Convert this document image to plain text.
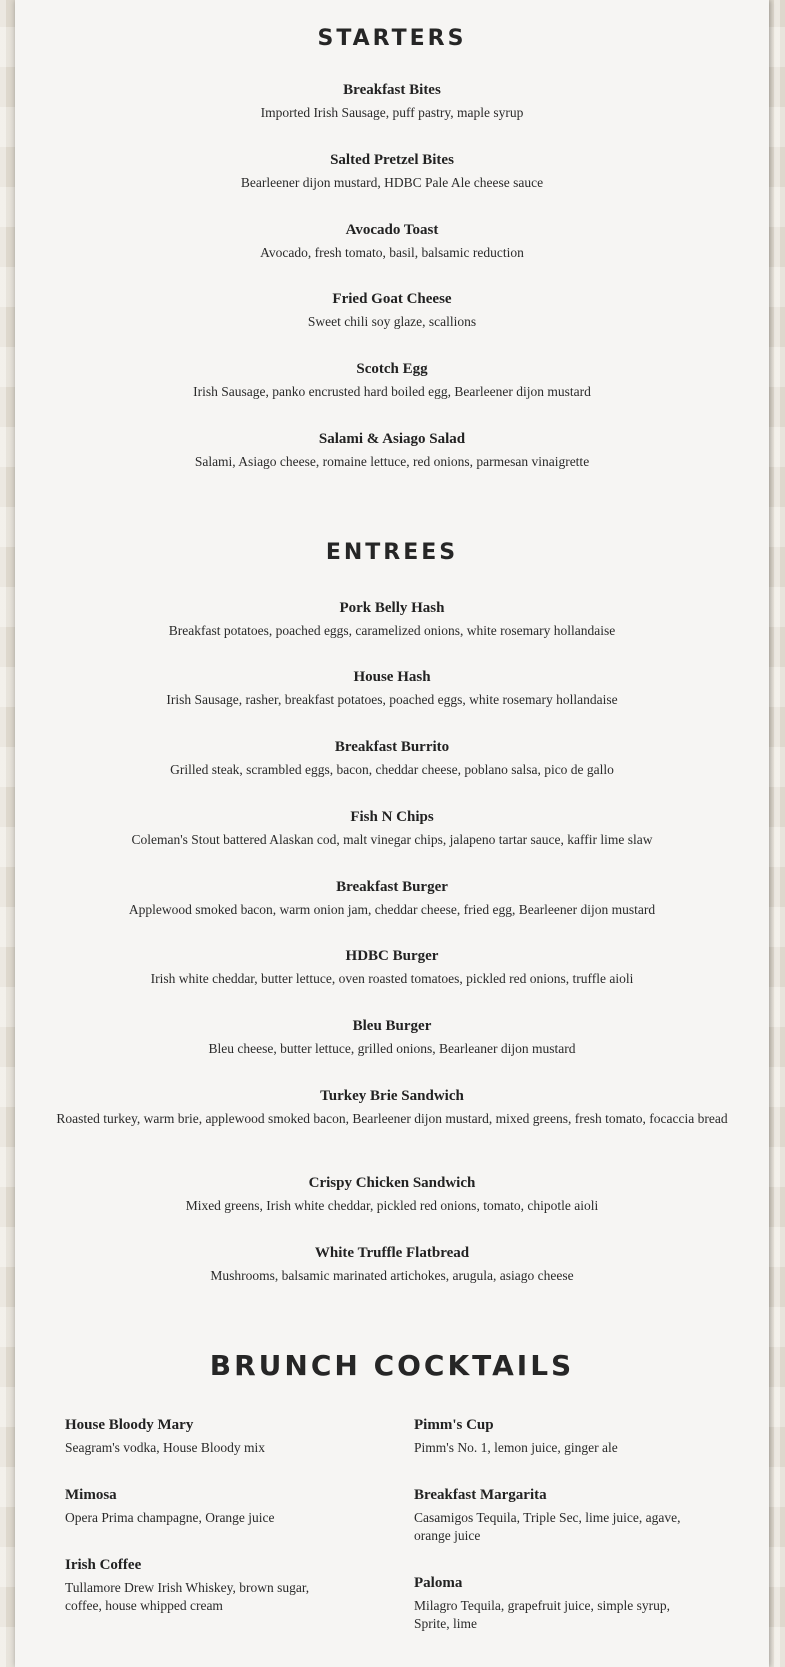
STARTERS

Breakfast Bites

Imported Irish Sausage, puff pastry, maple syrup

Salted Pretzel Bites

Bearleener dijon mustard, HDBC Pale Ale cheese sauce

Avocado Toast

Avocado, fresh tomato, basil, balsamic reduction

Fried Goat Cheese

Sweet chili soy glaze, scallions

Scotch Egg

Irish Sausage, panko encrusted hard boiled egg, Bearleener dijon mustard

Salami & Asiago Salad

Salami, Asiago cheese, romaine lettuce, red onions, parmesan vinaigrette

ENTREES

Pork Belly Hash

Breakfast potatoes, poached eggs, caramelized onions, white rosemary hollandaise

House Hash

Irish Sausage, rasher, breakfast potatoes, poached eggs, white rosemary hollandaise

Breakfast Burrito

Grilled steak, scrambled eggs, bacon, cheddar cheese, poblano salsa, pico de gallo

Fish N Chips

Coleman's Stout battered Alaskan cod, malt vinegar chips, jalapeno tartar sauce, kaffir lime slaw

Breakfast Burger

Applewood smoked bacon, warm onion jam, cheddar cheese, fried egg, Bearleener dijon mustard

HDBC Burger

Irish white cheddar, butter lettuce, oven roasted tomatoes, pickled red onions, truffle aioli

Bleu Burger

Bleu cheese, butter lettuce, grilled onions, Bearleaner dijon mustard

Turkey Brie Sandwich

Roasted turkey, warm brie, applewood smoked bacon, Bearleener dijon mustard, mixed greens, fresh tomato, focaccia bread

Crispy Chicken Sandwich

Mixed greens, Irish white cheddar, pickled red onions, tomato, chipotle aioli

White Truffle Flatbread

Mushrooms, balsamic marinated artichokes, arugula, asiago cheese

BRUNCH COCKTAILS

House Bloody Mary

Seagram's vodka, House Bloody mix

Mimosa

Opera Prima champagne, Orange juice

Irish Coffee

Tullamore Drew Irish Whiskey, brown sugar, coffee, house whipped cream

Pimm's Cup

Pimm's No. 1, lemon juice, ginger ale

Breakfast Margarita

Casamigos Tequila, Triple Sec, lime juice, agave, orange juice

Paloma

Milagro Tequila, grapefruit juice, simple syrup, Sprite, lime
